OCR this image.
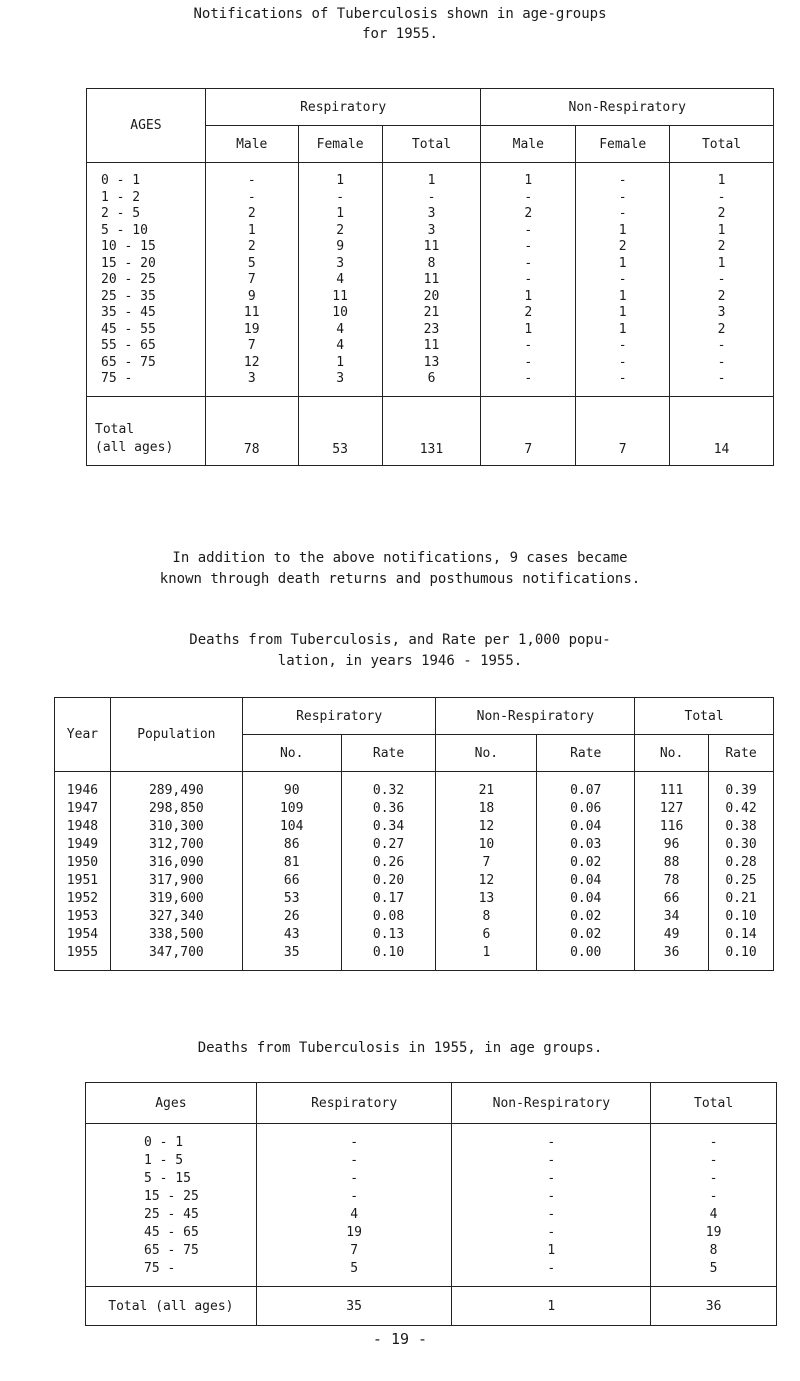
Notifications of Tuberculosis shown in age-groups
for 1955.
AGES	Respiratory			Non-Respiratory		
	Male	Female	Total	Male	Female	Total
0 - 1	-	1	1	1	-	1
1 - 2	-	-	-	-	-	-
2 - 5	2	1	3	2	-	2
5 - 10	1	2	3	-	1	1
10 - 15	2	9	11	-	2	2
15 - 20	5	3	8	-	1	1
20 - 25	7	4	11	-	-	-
25 - 35	9	11	20	1	1	2
35 - 45	11	10	21	2	1	3
45 - 55	19	4	23	1	1	2
55 - 65	7	4	11	-	-	-
65 - 75	12	1	13	-	-	-
75 -	3	3	6	-	-	-

Total
(all ages)	78	53	131	7	7	14
In addition to the above notifications, 9 cases became
known through death returns and posthumous notifications.
Deaths from Tuberculosis, and Rate per 1,000 popu-
lation, in years 1946 - 1955.
Year	Population	Respiratory		Non-Respiratory		Total	
		No.	Rate	No.	Rate	No.	Rate
1946	289,490	90	0.32	21	0.07	111	0.39
1947	298,850	109	0.36	18	0.06	127	0.42
1948	310,300	104	0.34	12	0.04	116	0.38
1949	312,700	86	0.27	10	0.03	96	0.30
1950	316,090	81	0.26	7	0.02	88	0.28
1951	317,900	66	0.20	12	0.04	78	0.25
1952	319,600	53	0.17	13	0.04	66	0.21
1953	327,340	26	0.08	8	0.02	34	0.10
1954	338,500	43	0.13	6	0.02	49	0.14
1955	347,700	35	0.10	1	0.00	36	0.10
Deaths from Tuberculosis in 1955, in age groups.
Ages	Respiratory	Non-Respiratory	Total
0 - 1	-	-	-
1 - 5	-	-	-
5 - 15	-	-	-
15 - 25	-	-	-
25 - 45	4	-	4
45 - 65	19	-	19
65 - 75	7	1	8
75 -	5	-	5
Total (all ages)	35	1	36
- 19 -
